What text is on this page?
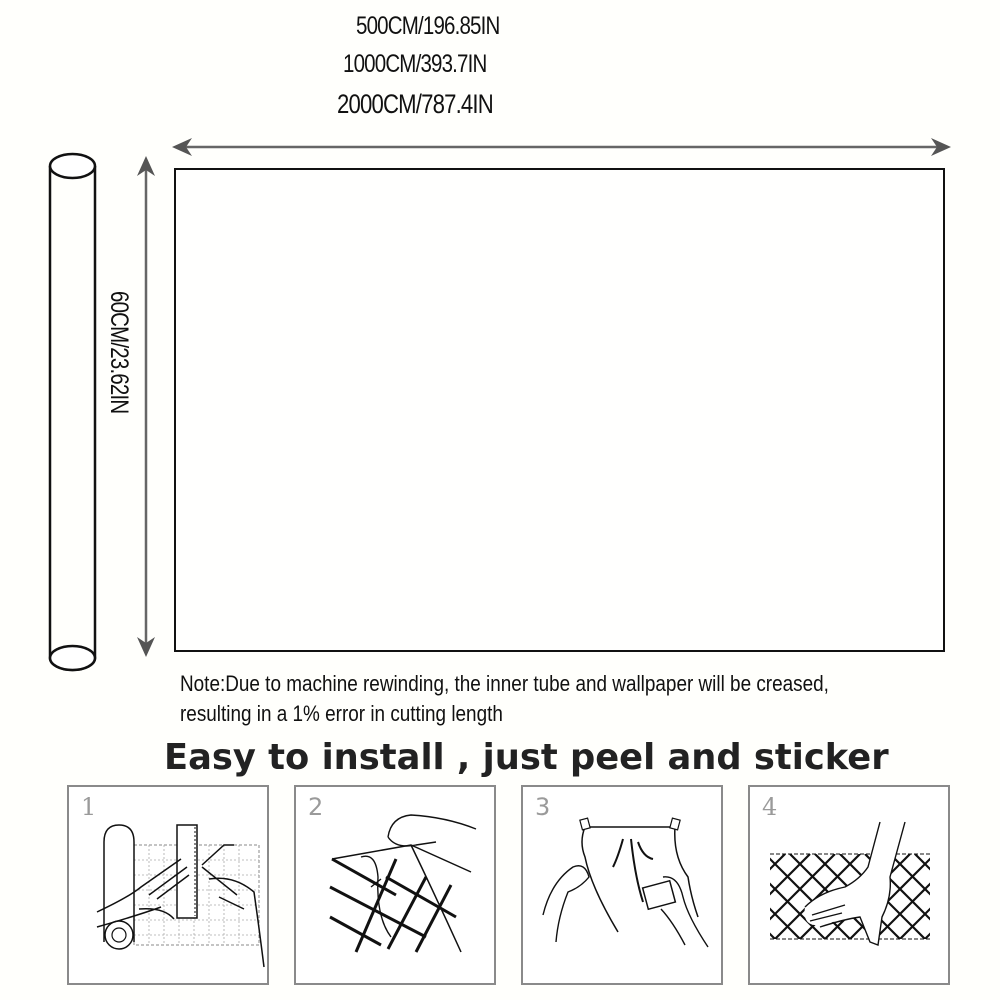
500CM/196.85IN
1000CM/393.7IN
2000CM/787.4IN
60CM/23.62IN
Note:Due to machine rewinding, the inner tube and wallpaper will be creased,
resulting in a 1% error in cutting length
Easy to install , just peel and sticker
1	2	3	4
